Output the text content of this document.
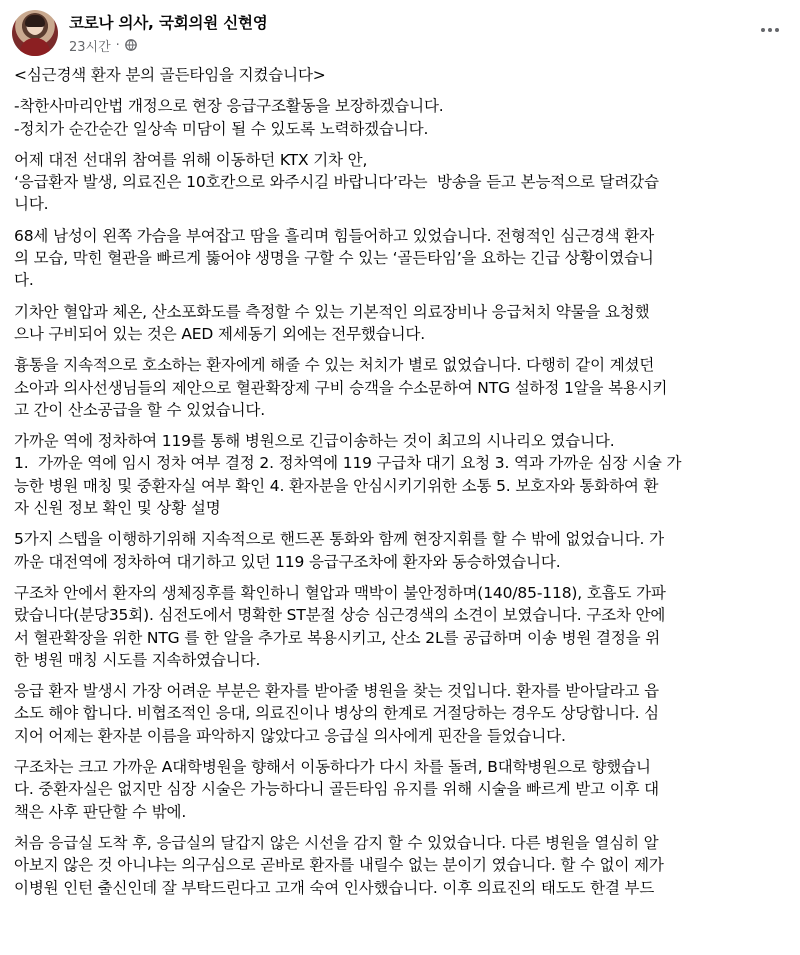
코로나 의사, 국회의원 신현영
23시간 ·

<심근경색 환자 분의 골든타임을 지켰습니다>

-착한사마리안법 개정으로 현장 응급구조활동을 보장하겠습니다.
-정치가 순간순간 일상속 미담이 될 수 있도록 노력하겠습니다.

어제 대전 선대위 참여를 위해 이동하던 KTX 기차 안,
‘응급환자 발생, 의료진은 10호칸으로 와주시길 바랍니다’라는  방송을 듣고 본능적으로 달려갔습
니다.

68세 남성이 왼쪽 가슴을 부여잡고 땀을 흘리며 힘들어하고 있었습니다. 전형적인 심근경색 환자
의 모습, 막힌 혈관을 빠르게 뚫어야 생명을 구할 수 있는 ‘골든타임’을 요하는 긴급 상황이였습니
다.

기차안 혈압과 체온, 산소포화도를 측정할 수 있는 기본적인 의료장비나 응급처치 약물을 요청했
으나 구비되어 있는 것은 AED 제세동기 외에는 전무했습니다.

흉통을 지속적으로 호소하는 환자에게 해줄 수 있는 처치가 별로 없었습니다. 다행히 같이 계셨던
소아과 의사선생님들의 제안으로 혈관확장제 구비 승객을 수소문하여 NTG 설하정 1알을 복용시키
고 간이 산소공급을 할 수 있었습니다.

가까운 역에 정차하여 119를 통해 병원으로 긴급이송하는 것이 최고의 시나리오 였습니다.
1.  가까운 역에 임시 정차 여부 결정 2. 정차역에 119 구급차 대기 요청 3. 역과 가까운 심장 시술 가
능한 병원 매칭 및 중환자실 여부 확인 4. 환자분을 안심시키기위한 소통 5. 보호자와 통화하여 환
자 신원 정보 확인 및 상황 설명

5가지 스텝을 이행하기위해 지속적으로 핸드폰 통화와 함께 현장지휘를 할 수 밖에 없었습니다. 가
까운 대전역에 정차하여 대기하고 있던 119 응급구조차에 환자와 동승하였습니다.

구조차 안에서 환자의 생체징후를 확인하니 혈압과 맥박이 불안정하며(140/85-118), 호흡도 가파
랐습니다(분당35회). 심전도에서 명확한 ST분절 상승 심근경색의 소견이 보였습니다. 구조차 안에
서 혈관확장을 위한 NTG 를 한 알을 추가로 복용시키고, 산소 2L를 공급하며 이송 병원 결정을 위
한 병원 매칭 시도를 지속하였습니다.

응급 환자 발생시 가장 어려운 부분은 환자를 받아줄 병원을 찾는 것입니다. 환자를 받아달라고 읍
소도 해야 합니다. 비협조적인 응대, 의료진이나 병상의 한계로 거절당하는 경우도 상당합니다. 심
지어 어제는 환자분 이름을 파악하지 않았다고 응급실 의사에게 핀잔을 들었습니다.

구조차는 크고 가까운 A대학병원을 향해서 이동하다가 다시 차를 돌려, B대학병원으로 향했습니
다. 중환자실은 없지만 심장 시술은 가능하다니 골든타임 유지를 위해 시술을 빠르게 받고 이후 대
책은 사후 판단할 수 밖에.

처음 응급실 도착 후, 응급실의 달갑지 않은 시선을 감지 할 수 있었습니다. 다른 병원을 열심히 알
아보지 않은 것 아니냐는 의구심으로 곧바로 환자를 내릴수 없는 분이기 였습니다. 할 수 없이 제가
이병원 인턴 출신인데 잘 부탁드린다고 고개 숙여 인사했습니다. 이후 의료진의 태도도 한결 부드
